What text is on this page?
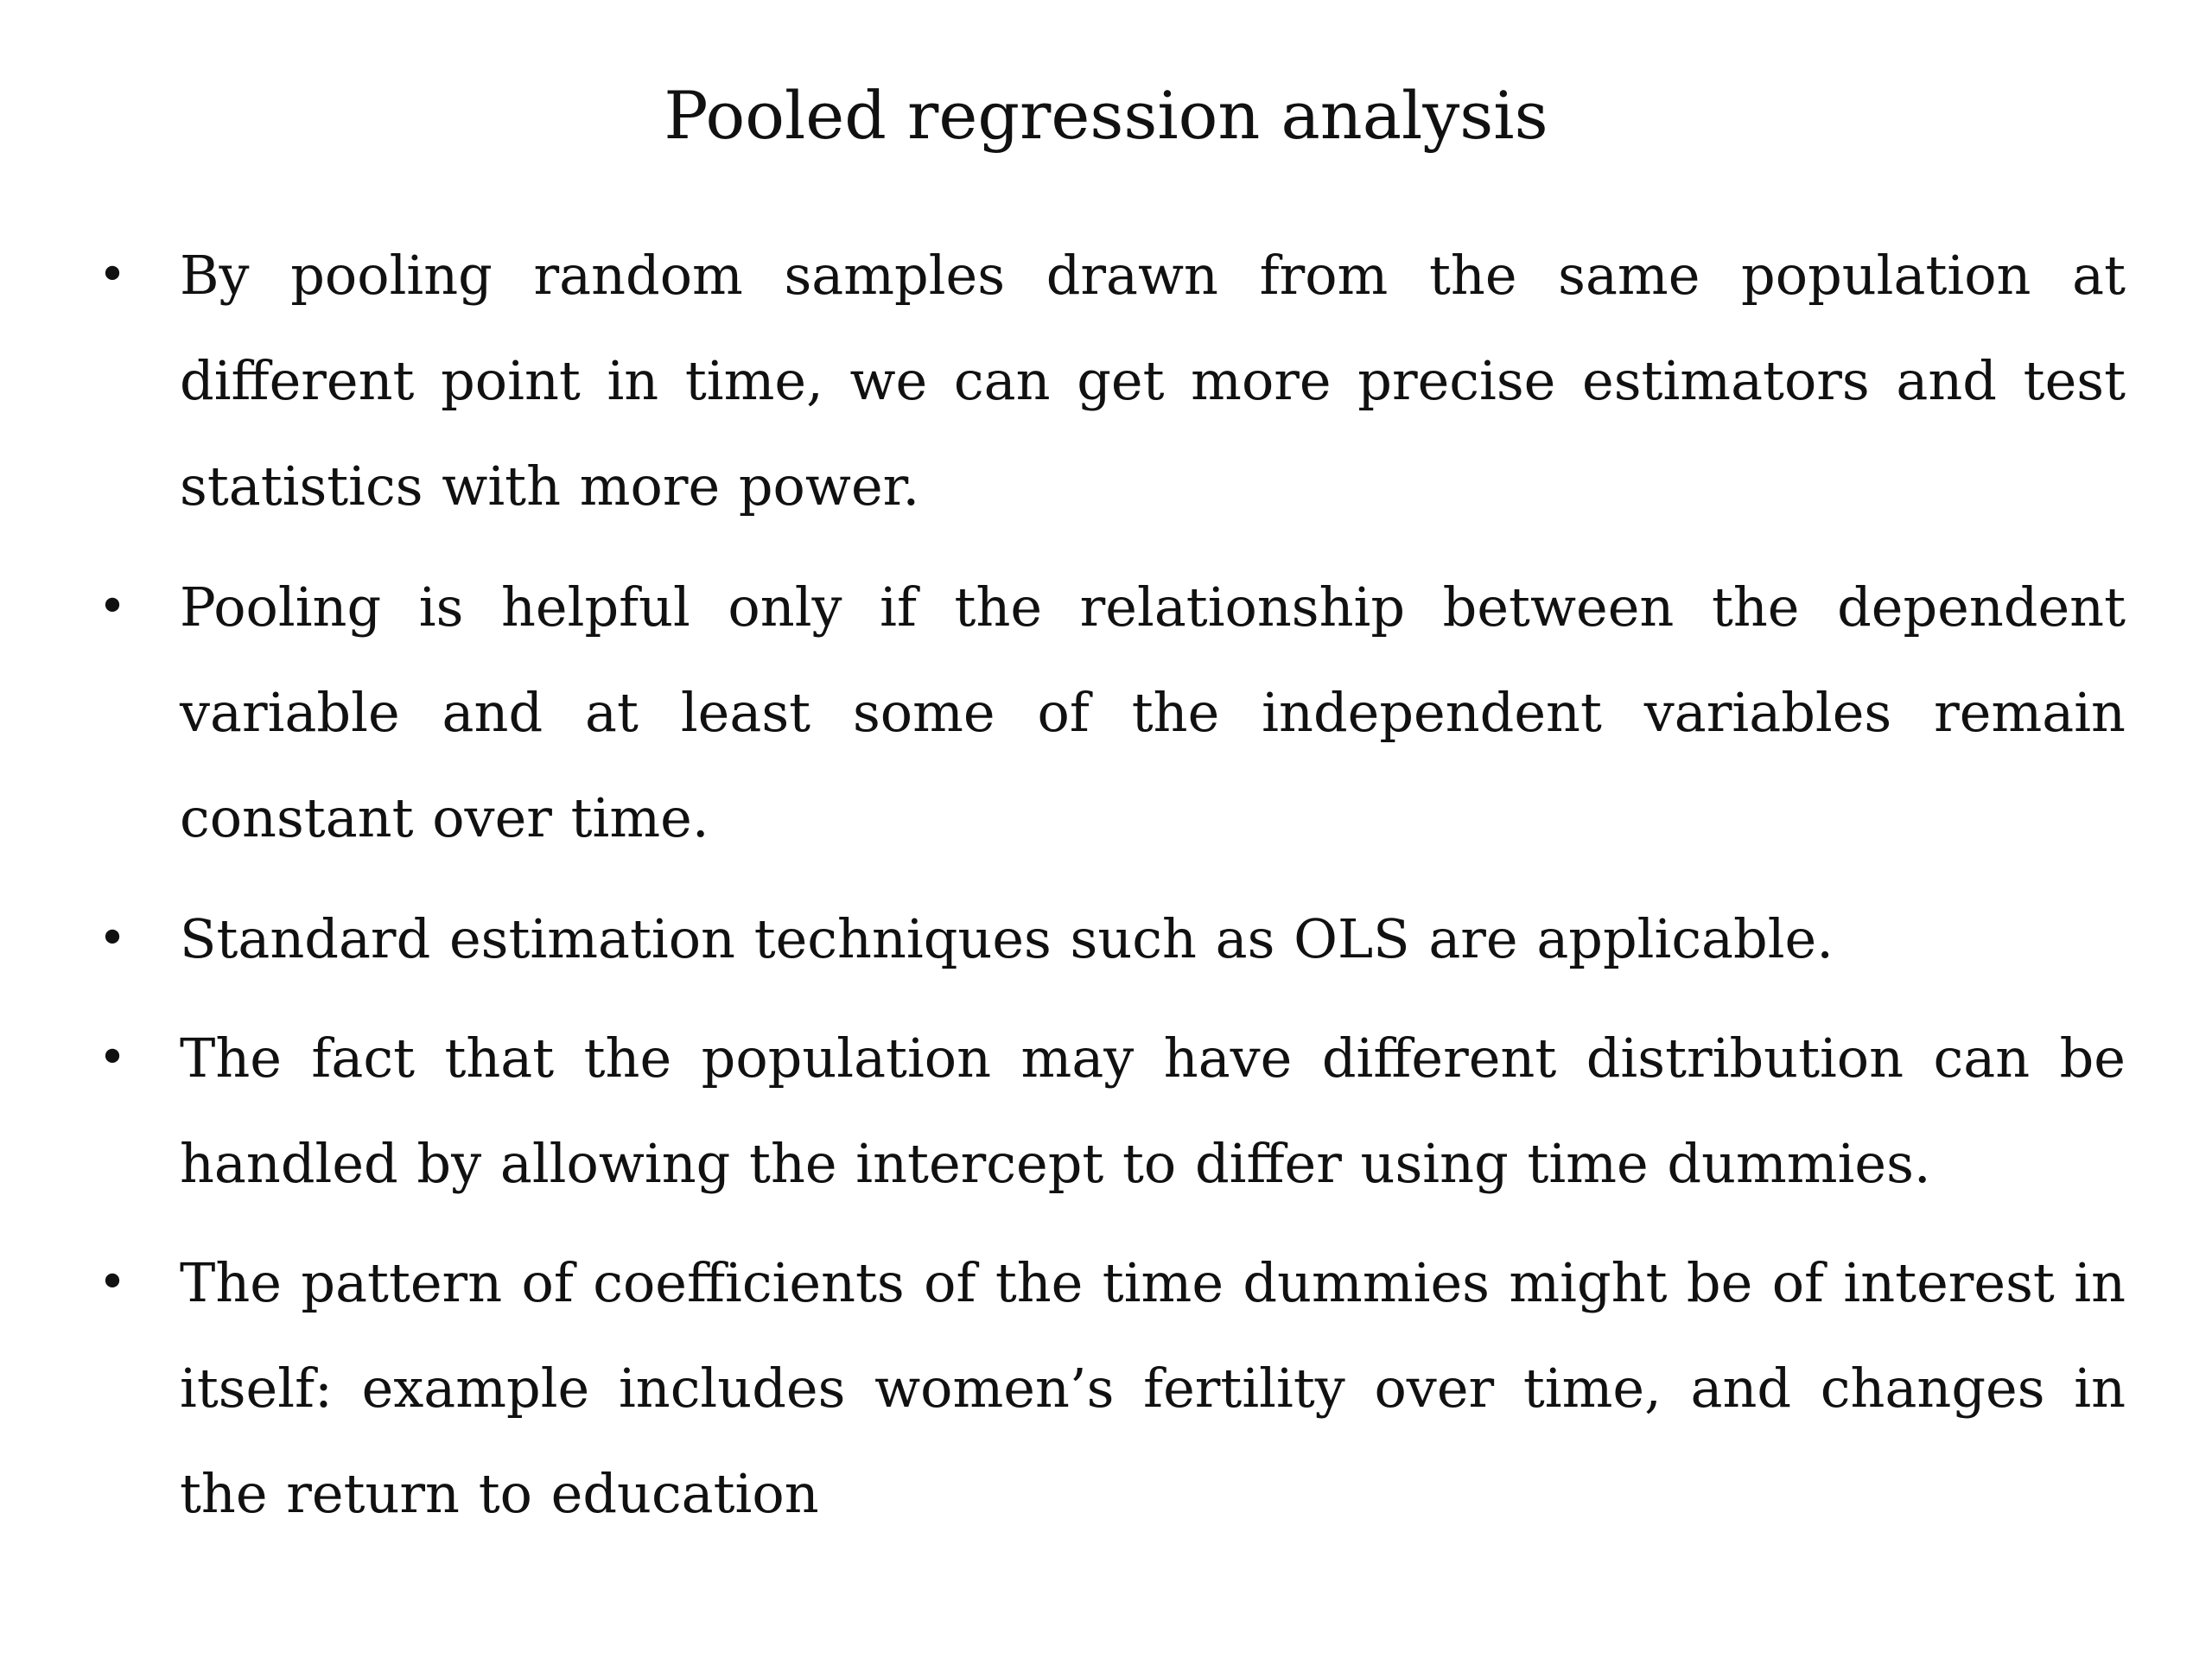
Pooled regression analysis
• By pooling random samples drawn from the same population at different point in time, we can get more precise estimators and test statistics with more power.
• Pooling is helpful only if the relationship between the dependent variable and at least some of the independent variables remain constant over time.
• Standard estimation techniques such as OLS are applicable.
• The fact that the population may have different distribution can be handled by allowing the intercept to differ using time dummies.
• The pattern of coefficients of the time dummies might be of interest in itself: example includes women’s fertility over time, and changes in the return to education
